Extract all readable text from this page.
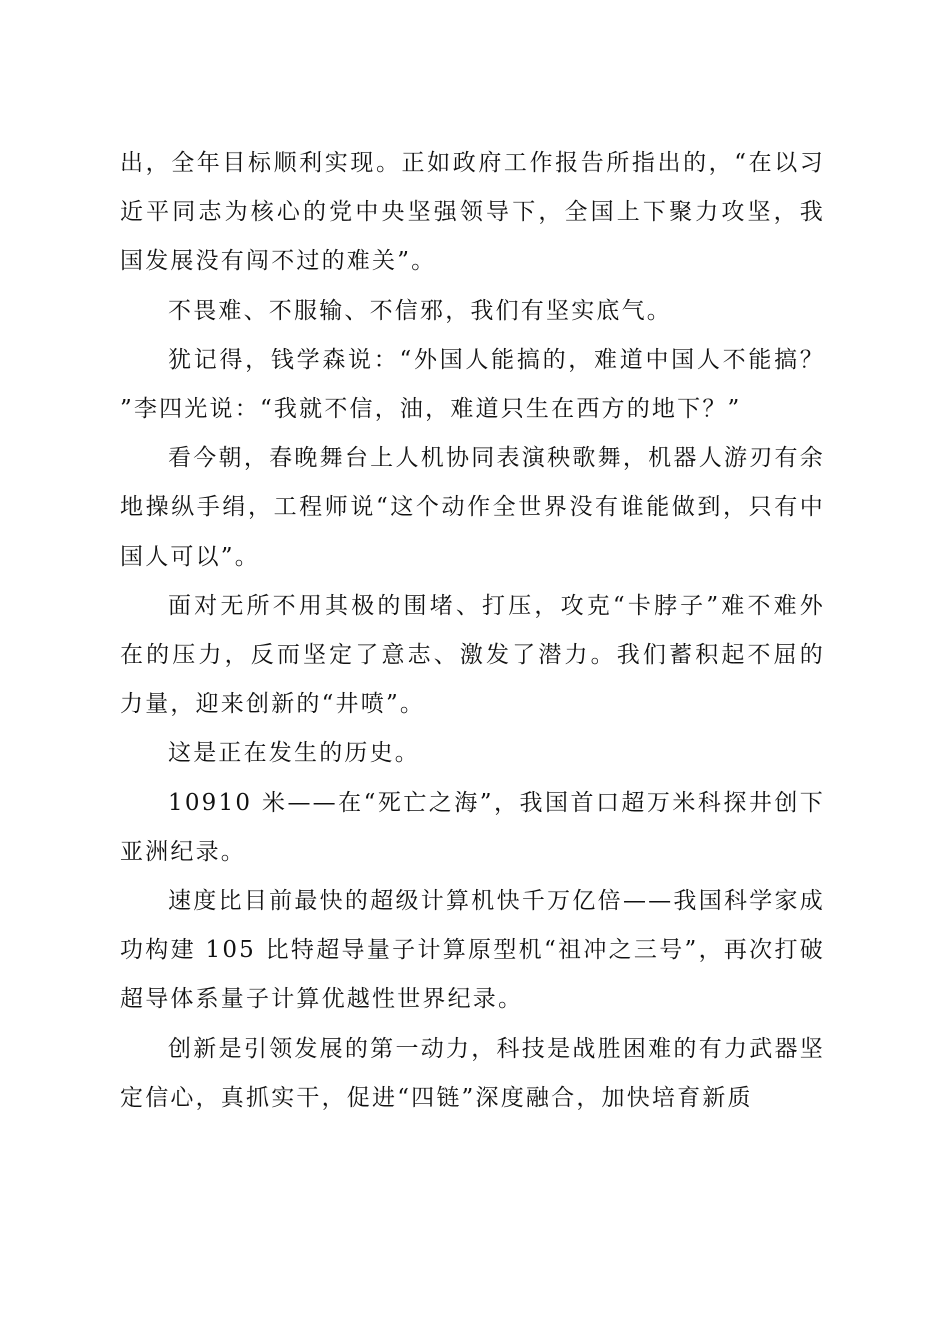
出，全年目标顺利实现。正如政府工作报告所指出的，“在以习近平同志为核心的党中央坚强领导下，全国上下聚力攻坚，我国发展没有闯不过的难关”。

不畏难、不服输、不信邪，我们有坚实底气。

犹记得，钱学森说：“外国人能搞的，难道中国人不能搞？”李四光说：“我就不信，油，难道只生在西方的地下？”

看今朝，春晚舞台上人机协同表演秧歌舞，机器人游刃有余地操纵手绢，工程师说“这个动作全世界没有谁能做到，只有中国人可以”。

面对无所不用其极的围堵、打压，攻克“卡脖子”难不难外在的压力，反而坚定了意志、激发了潜力。我们蓄积起不屈的力量，迎来创新的“井喷”。

这是正在发生的历史。

10910 米——在“死亡之海”，我国首口超万米科探井创下亚洲纪录。

速度比目前最快的超级计算机快千万亿倍——我国科学家成功构建 105 比特超导量子计算原型机“祖冲之三号”，再次打破超导体系量子计算优越性世界纪录。

创新是引领发展的第一动力，科技是战胜困难的有力武器坚定信心，真抓实干，促进“四链”深度融合，加快培育新质
